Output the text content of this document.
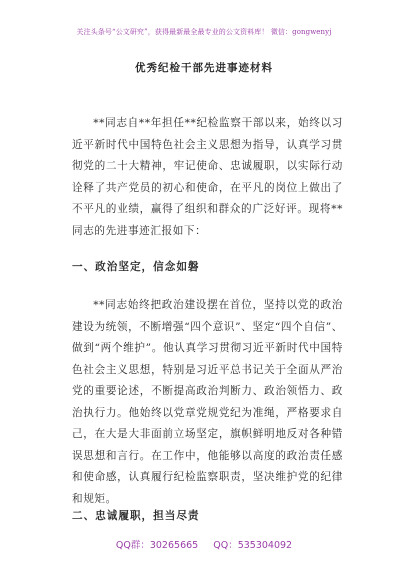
关注头条号“公文研究”，获得最新最全最专业的公文资料库！ 微信：gongwenyj
优秀纪检干部先进事迹材料
**同志自**年担任**纪检监察干部以来，始终以习近平新时代中国特色社会主义思想为指导，认真学习贯彻党的二十大精神，牢记使命、忠诚履职，以实际行动诠释了共产党员的初心和使命，在平凡的岗位上做出了不平凡的业绩，赢得了组织和群众的广泛好评。现将**同志的先进事迹汇报如下：
一、政治坚定，信念如磐
**同志始终把政治建设摆在首位，坚持以党的政治建设为统领，不断增强“四个意识”、坚定“四个自信”、做到“两个维护”。他认真学习贯彻习近平新时代中国特色社会主义思想，特别是习近平总书记关于全面从严治党的重要论述，不断提高政治判断力、政治领悟力、政治执行力。他始终以党章党规党纪为准绳，严格要求自己，在大是大非面前立场坚定，旗帜鲜明地反对各种错误思想和言行。在工作中，他能够以高度的政治责任感和使命感，认真履行纪检监察职责，坚决维护党的纪律和规矩。
二、忠诚履职，担当尽责
QQ群：30265665 QQ：535304092
